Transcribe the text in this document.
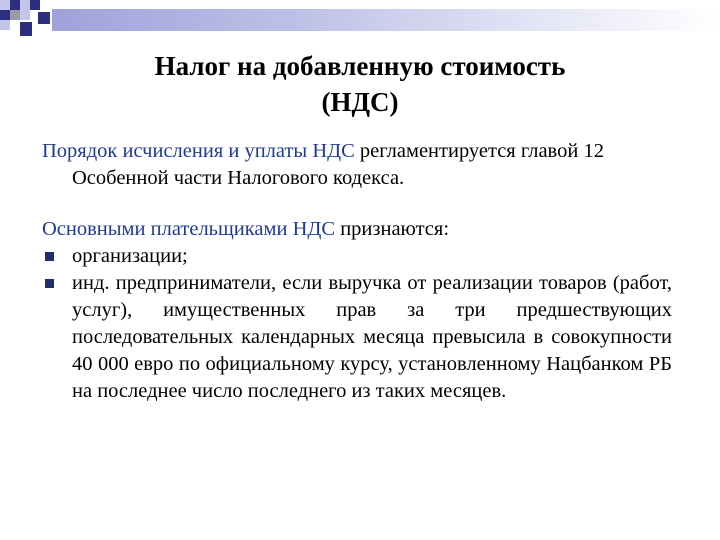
Налог на добавленную стоимость
(НДС)

Порядок исчисления и уплаты НДС регламентируется главой 12 Особенной части Налогового кодекса.

Основными плательщиками НДС признаются:

организации;
инд. предприниматели, если выручка от реализации товаров (работ, услуг), имущественных прав за три предшествующих последовательных календарных месяца превысила в совокупности 40 000 евро по официальному курсу, установленному Нацбанком РБ на последнее число последнего из таких месяцев.
